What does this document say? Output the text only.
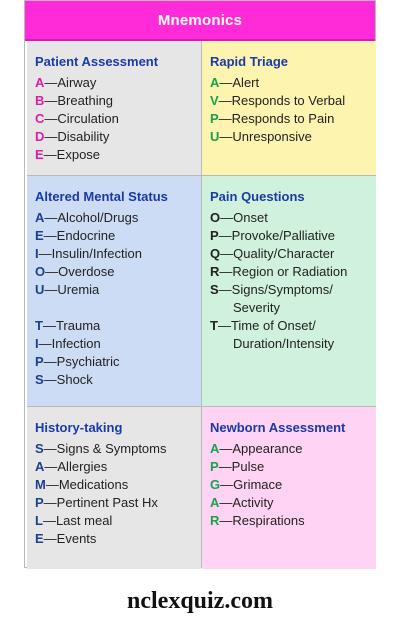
Mnemonics
Patient Assessment
A—Airway
B—Breathing
C—Circulation
D—Disability
E—Expose
Rapid Triage
A—Alert
V—Responds to Verbal
P—Responds to Pain
U—Unresponsive
Altered Mental Status
A—Alcohol/Drugs
E—Endocrine
I—Insulin/Infection
O—Overdose
U—Uremia
T—Trauma
I—Infection
P—Psychiatric
S—Shock
Pain Questions
O—Onset
P—Provoke/Palliative
Q—Quality/Character
R—Region or Radiation
S—Signs/Symptoms/ Severity
T—Time of Onset/ Duration/Intensity
History-taking
S—Signs & Symptoms
A—Allergies
M—Medications
P—Pertinent Past Hx
L—Last meal
E—Events
Newborn Assessment
A—Appearance
P—Pulse
G—Grimace
A—Activity
R—Respirations
nclexquiz.com
